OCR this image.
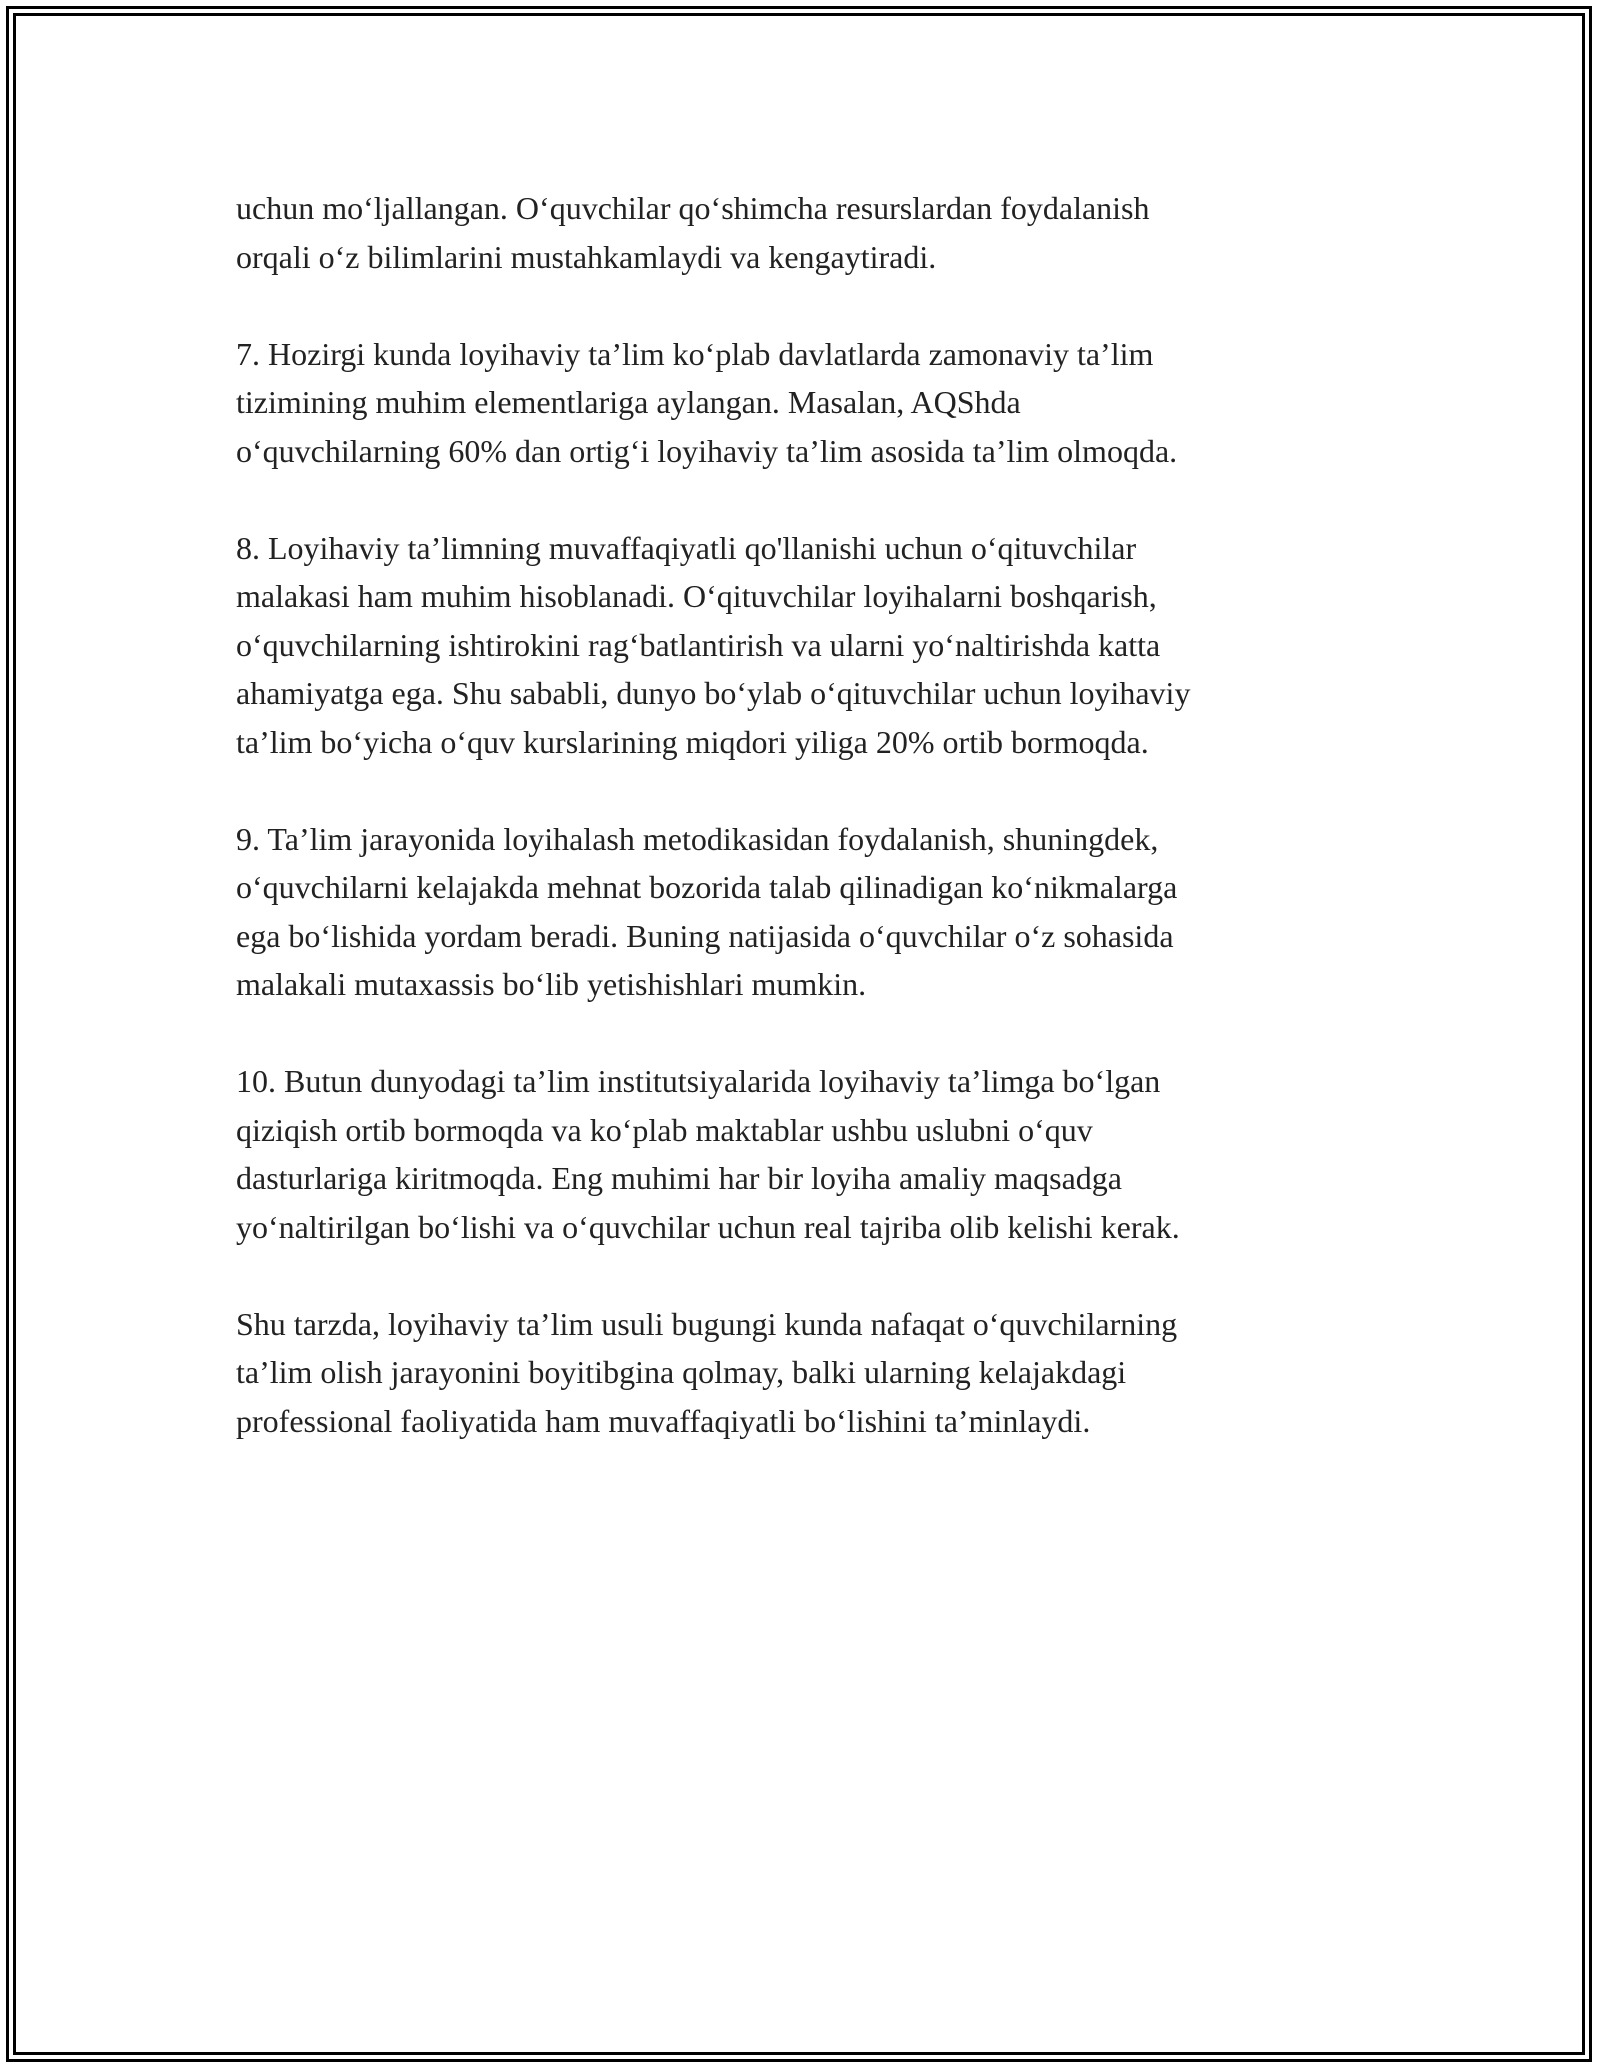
uchun mo‘ljallangan. O‘quvchilar qo‘shimcha resurslardan foydalanish
orqali o‘z bilimlarini mustahkamlaydi va kengaytiradi.

7. Hozirgi kunda loyihaviy ta’lim ko‘plab davlatlarda zamonaviy ta’lim
tizimining muhim elementlariga aylangan. Masalan, AQShda
o‘quvchilarning 60% dan ortig‘i loyihaviy ta’lim asosida ta’lim olmoqda.

8. Loyihaviy ta’limning muvaffaqiyatli qo'llanishi uchun o‘qituvchilar
malakasi ham muhim hisoblanadi. O‘qituvchilar loyihalarni boshqarish,
o‘quvchilarning ishtirokini rag‘batlantirish va ularni yo‘naltirishda katta
ahamiyatga ega. Shu sababli, dunyo bo‘ylab o‘qituvchilar uchun loyihaviy
ta’lim bo‘yicha o‘quv kurslarining miqdori yiliga 20% ortib bormoqda.

9. Ta’lim jarayonida loyihalash metodikasidan foydalanish, shuningdek,
o‘quvchilarni kelajakda mehnat bozorida talab qilinadigan ko‘nikmalarga
ega bo‘lishida yordam beradi. Buning natijasida o‘quvchilar o‘z sohasida
malakali mutaxassis bo‘lib yetishishlari mumkin.

10. Butun dunyodagi ta’lim institutsiyalarida loyihaviy ta’limga bo‘lgan
qiziqish ortib bormoqda va ko‘plab maktablar ushbu uslubni o‘quv
dasturlariga kiritmoqda. Eng muhimi har bir loyiha amaliy maqsadga
yo‘naltirilgan bo‘lishi va o‘quvchilar uchun real tajriba olib kelishi kerak.

Shu tarzda, loyihaviy ta’lim usuli bugungi kunda nafaqat o‘quvchilarning
ta’lim olish jarayonini boyitibgina qolmay, balki ularning kelajakdagi
professional faoliyatida ham muvaffaqiyatli bo‘lishini ta’minlaydi.
